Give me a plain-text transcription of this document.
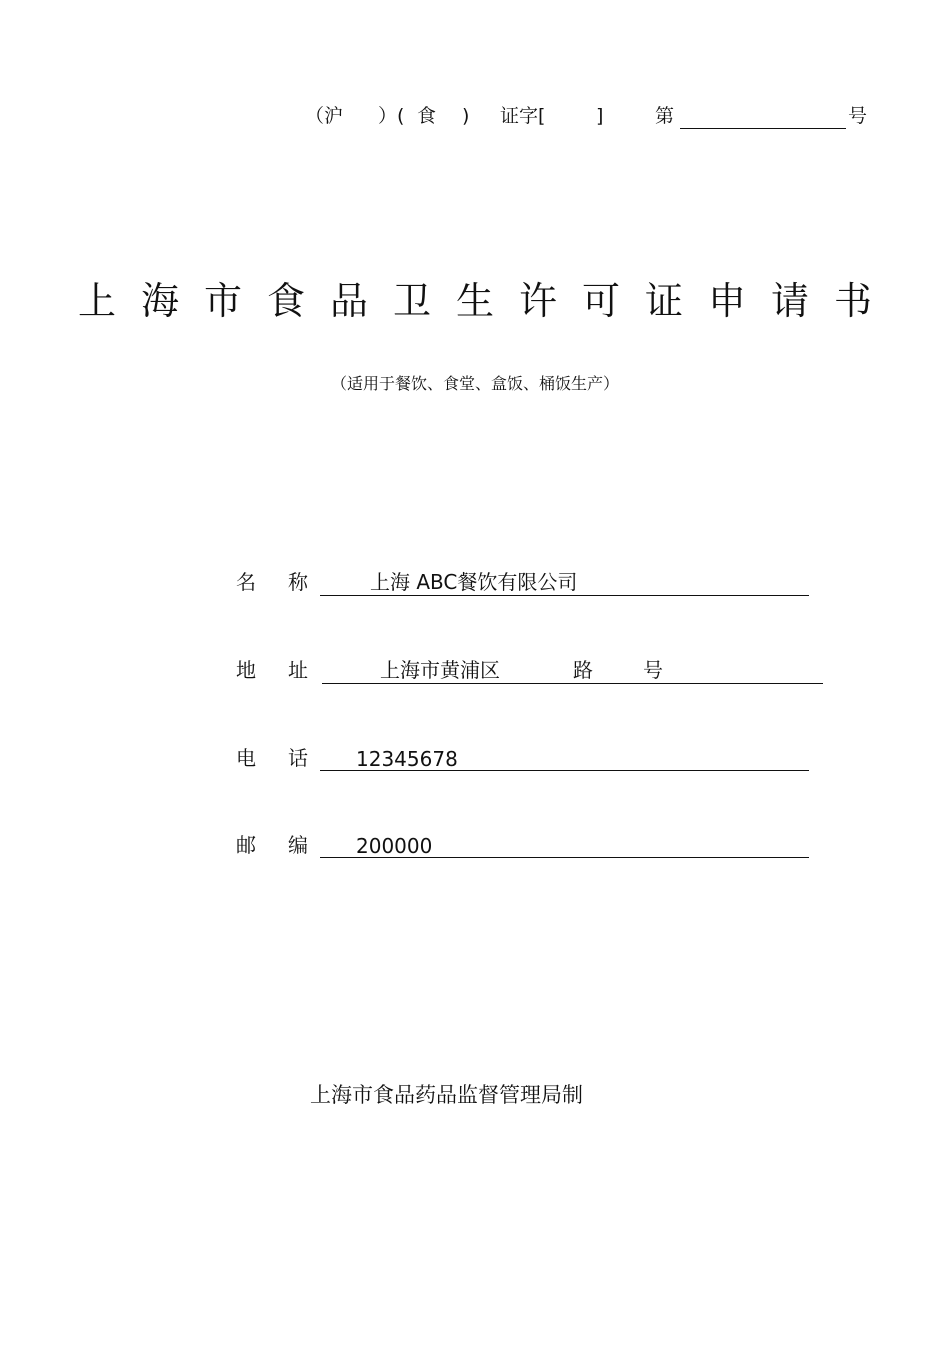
（沪 ）( 食 ) 证字[	]	第	号
上 海 市 食 品 卫 生 许 可 证 申 请 书
（适用于餐饮、食堂、盒饭、桶饭生产）
名 称	上海 ABC餐饮有限公司
地 址	上海市黄浦区	路	号
电 话 12345678
邮 编 200000
上海市食品药品监督管理局制
